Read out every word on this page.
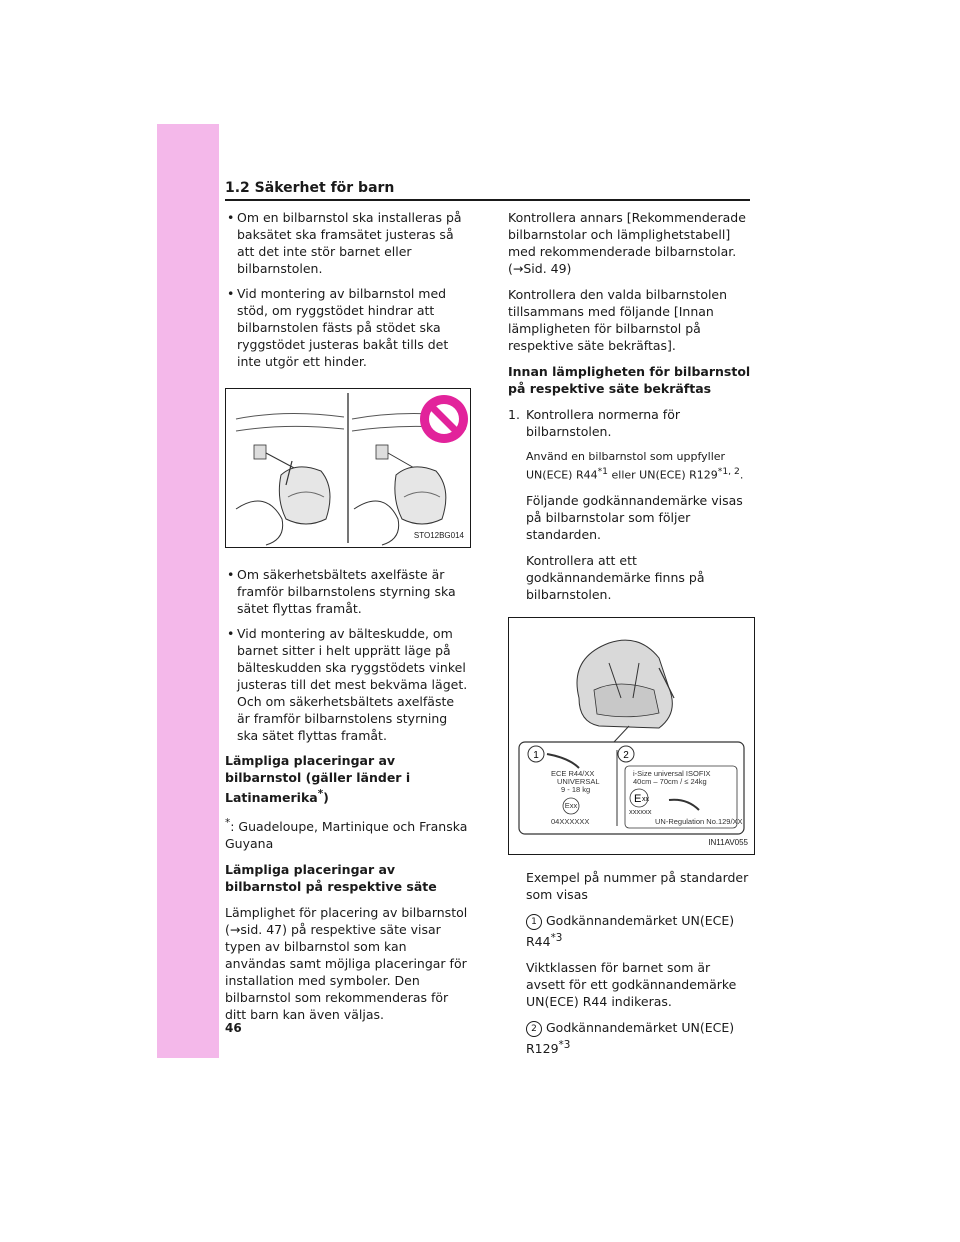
1.2 Säkerhet för barn
• Om en bilbarnstol ska installeras på baksätet ska framsätet justeras så att det inte stör barnet eller bilbarnstolen.
• Vid montering av bilbarnstol med stöd, om ryggstödet hindrar att bilbarnstolen fästs på stödet ska ryggstödet justeras bakåt tills det inte utgör ett hinder.
STO12BG014
• Om säkerhetsbältets axelfäste är framför bilbarnstolens styrning ska sätet flyttas framåt.
• Vid montering av bälteskudde, om barnet sitter i helt upprätt läge på bälteskudden ska ryggstödets vinkel justeras till det mest bekväma läget. Och om säkerhetsbältets axelfäste är framför bilbarnstolens styrning ska sätet flyttas framåt.

Lämpliga placeringar av bilbarnstol (gäller länder i Latinamerika*)

*: Guadeloupe, Martinique och Franska Guyana

Lämpliga placeringar av bilbarnstol på respektive säte

Lämplighet för placering av bilbarnstol (→sid. 47) på respektive säte visar typen av bilbarnstol som kan användas samt möjliga placeringar för installation med symboler. Den bilbarnstol som rekommenderas för ditt barn kan även väljas.

Kontrollera annars [Rekommenderade bilbarnstolar och lämplighetstabell] med rekommenderade bilbarnstolar. (→Sid. 49)

Kontrollera den valda bilbarnstolen tillsammans med följande [Innan lämpligheten för bilbarnstol på respektive säte bekräftas].

Innan lämpligheten för bilbarnstol på respektive säte bekräftas

1. Kontrollera normerna för bilbarnstolen.

Använd en bilbarnstol som uppfyller UN(ECE) R44$^{*1}$ eller UN(ECE) R129$^{*1, 2}$.

Följande godkännandemärke visas på bilbarnstolar som följer standarden.

Kontrollera att ett godkännandemärke finns på bilbarnstolen.

1	2
ECE R44/XX
UNIVERSAL
9 - 18 kg
Exx
04XXXXXX
i-Size universal ISOFIX
40cm – 70cm / ≤ 24kg
E xx
xxxxxx
UN-Regulation No.129/XX
IN11AV055

Exempel på nummer på standarder som visas

1 Godkännandemärket UN(ECE) R44$^{*3}$

Viktklassen för barnet som är avsett för ett godkännandemärke UN(ECE) R44 indikeras.

2 Godkännandemärket UN(ECE) R129$^{*3}$

46
